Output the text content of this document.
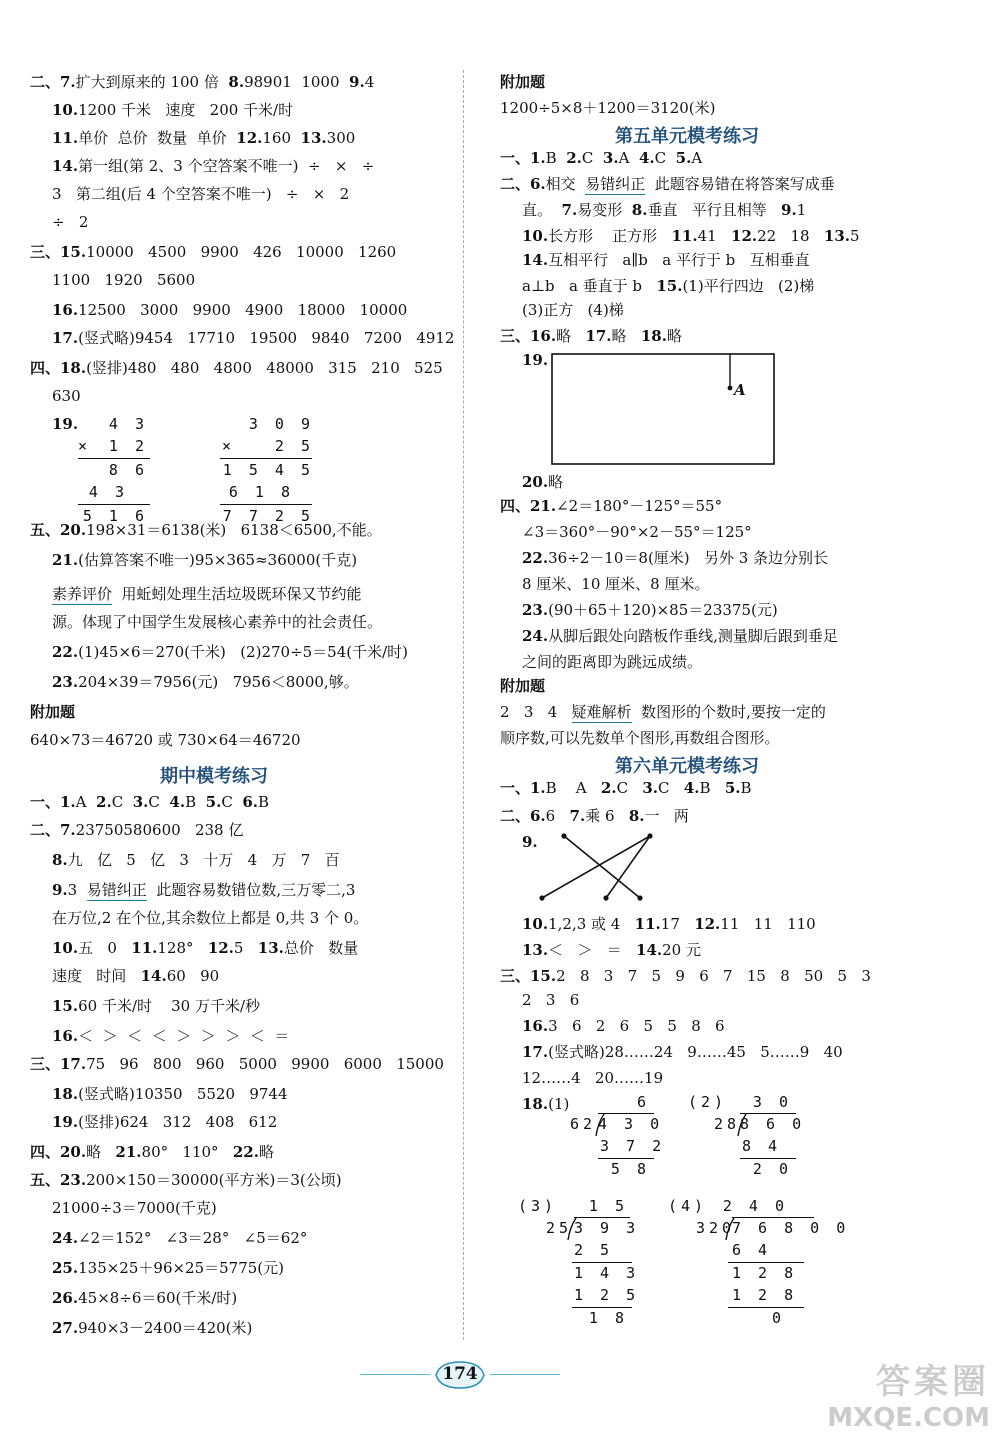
二、7.扩大到原来的 100 倍  8.98901  1000  9.4
10.1200 千米   速度   200 千米/时
11.单价  总价  数量  单价  12.160  13.300
14.第一组(第 2、3 个空答案不唯一)  ÷   ×   ÷
3   第二组(后 4 个空答案不唯一)   ÷   ×   2
÷   2
三、15.10000   4500   9900   426   10000   1260
1100   1920   5600
16.12500   3000   9900   4900   18000   10000
17.(竖式略)9454   17710   19500   9840   7200   4912
四、18.(竖排)480   480   4800   48000   315   210   525
630
19.
五、20.198×31＝6138(米)   6138＜6500,不能。
21.(估算答案不唯一)95×365≈36000(千克)
素养评价  用蚯蚓处理生活垃圾既环保又节约能
源。体现了中国学生发展核心素养中的社会责任。
22.(1)45×6＝270(千米)   (2)270÷5＝54(千米/时)
23.204×39＝7956(元)   7956＜8000,够。
附加题
640×73＝46720 或 730×64＝46720
一、1.A  2.C  3.C  4.B  5.C  6.B
二、7.23750580600   238 亿
8.九   亿   5   亿   3   十万   4   万   7   百
9.3  易错纠正  此题容易数错位数,三万零二,3
在万位,2 在个位,其余数位上都是 0,共 3 个 0。
10.五   0   11.128°   12.5   13.总价   数量
速度   时间   14.60   90
15.60 千米/时    30 万千米/秒
16.＜  ＞  ＜  ＜  ＞  ＞  ＞  ＜  ＝
三、17.75   96   800   960   5000   9900   6000   15000
18.(竖式略)10350   5520   9744
19.(竖排)624   312   408   612
四、20.略   21.80°   110°   22.略
五、23.200×150＝30000(平方米)＝3(公顷)
21000÷3＝7000(千克)
24.∠2＝152°   ∠3＝28°   ∠5＝62°
25.135×25＋96×25＝5775(元)
26.45×8÷6＝60(千米/时)
27.940×3－2400＝420(米)
附加题
1200÷5×8＋1200＝3120(米)
一、1.B  2.C  3.A  4.C  5.A
二、6.相交  易错纠正  此题容易错在将答案写成垂
直。  7.易变形  8.垂直   平行且相等   9.1
10.长方形    正方形   11.41   12.22   18   13.5
14.互相平行   a∥b   a 平行于 b   互相垂直
a⊥b   a 垂直于 b   15.(1)平行四边   (2)梯
(3)正方   (4)梯
三、16.略   17.略   18.略
19.
20.略
四、21.∠2＝180°－125°＝55°
∠3＝360°－90°×2－55°＝125°
22.36÷2－10＝8(厘米)   另外 3 条边分别长
8 厘米、10 厘米、8 厘米。
23.(90＋65＋120)×85＝23375(元)
24.从脚后跟处向踏板作垂线,测量脚后跟到垂足
之间的距离即为跳远成绩。
附加题
2   3   4   疑难解析  数图形的个数时,要按一定的
顺序数,可以先数单个图形,再数组合图形。
一、1.B    A   2.C   3.C   4.B   5.B
二、6.6   7.乘 6   8.一   两
9.
10.1,2,3 或 4   11.17   12.11   11   110
13.＜   ＞   ＝   14.20 元
三、15.2   8   3   7   5   9   6   7   15   8   50   5   3
2   3   6
16.3   6   2   6   5   5   8   6
17.(竖式略)28……24   9……45   5……9   40
12……4   20……19
18.(1)
期中模考练习
第五单元模考练习
第六单元模考练习
4 3
× 1 2
8 6
4 3
5 1 6
3 0 9
×	2 5
1 5 4 5
6 1 8
7 7 2 5
A
6
62 4 3 0
3 7 2
5 8
(2) 3 0
28 8 6 0
8 4
2 0
(3) 1 5
25 3 9 3
2 5
1 4 3
1 2 5
1 8
(4) 2 4 0
320
7 6 8 0 0
6 4
1 2 8
1 2 8
0
174	答案圈
MXQE.COM
